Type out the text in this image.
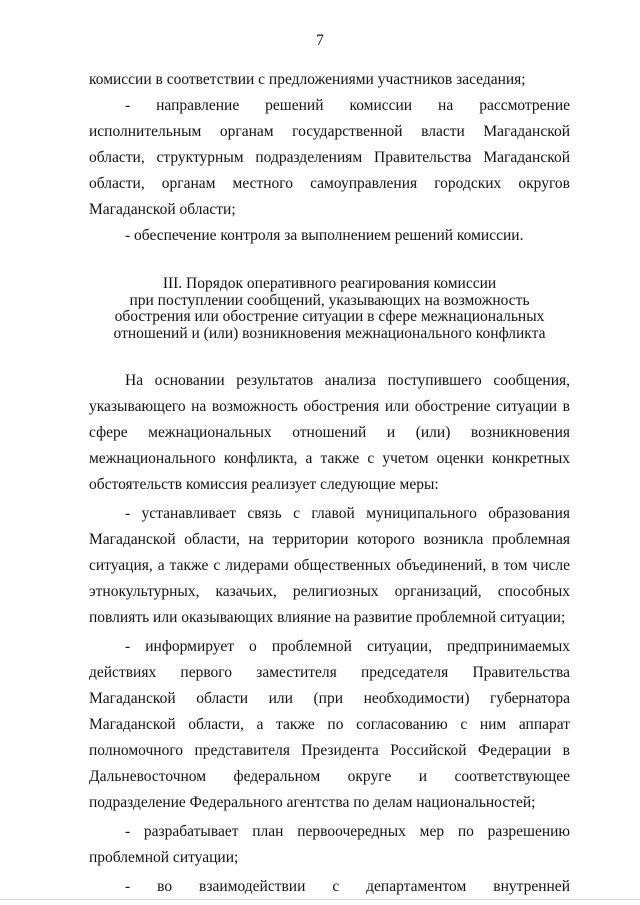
7

комиссии в соответствии с предложениями участников заседания;

- направление решений комиссии на рассмотрение исполнительным органам государственной власти Магаданской области, структурным подразделениям Правительства Магаданской области, органам местного самоуправления городских округов Магаданской области;

- обеспечение контроля за выполнением решений комиссии.

III. Порядок оперативного реагирования комиссии
при поступлении сообщений, указывающих на возможность
обострения или обострение ситуации в сфере межнациональных
отношений и (или) возникновения межнационального конфликта

На основании результатов анализа поступившего сообщения, указывающего на возможность обострения или обострение ситуации в сфере межнациональных отношений и (или) возникновения межнационального конфликта, а также с учетом оценки конкретных обстоятельств комиссия реализует следующие меры:

- устанавливает связь с главой муниципального образования Магаданской области, на территории которого возникла проблемная ситуация, а также с лидерами общественных объединений, в том числе этнокультурных, казачьих, религиозных организаций, способных повлиять или оказывающих влияние на развитие проблемной ситуации;

- информирует о проблемной ситуации, предпринимаемых действиях первого заместителя председателя Правительства Магаданской области или (при необходимости) губернатора Магаданской области, а также по согласованию с ним аппарат полномочного представителя Президента Российской Федерации в Дальневосточном федеральном округе и соответствующее подразделение Федерального агентства по делам национальностей;

- разрабатывает план первоочередных мер по разрешению проблемной ситуации;

- во взаимодействии с департаментом внутренней
